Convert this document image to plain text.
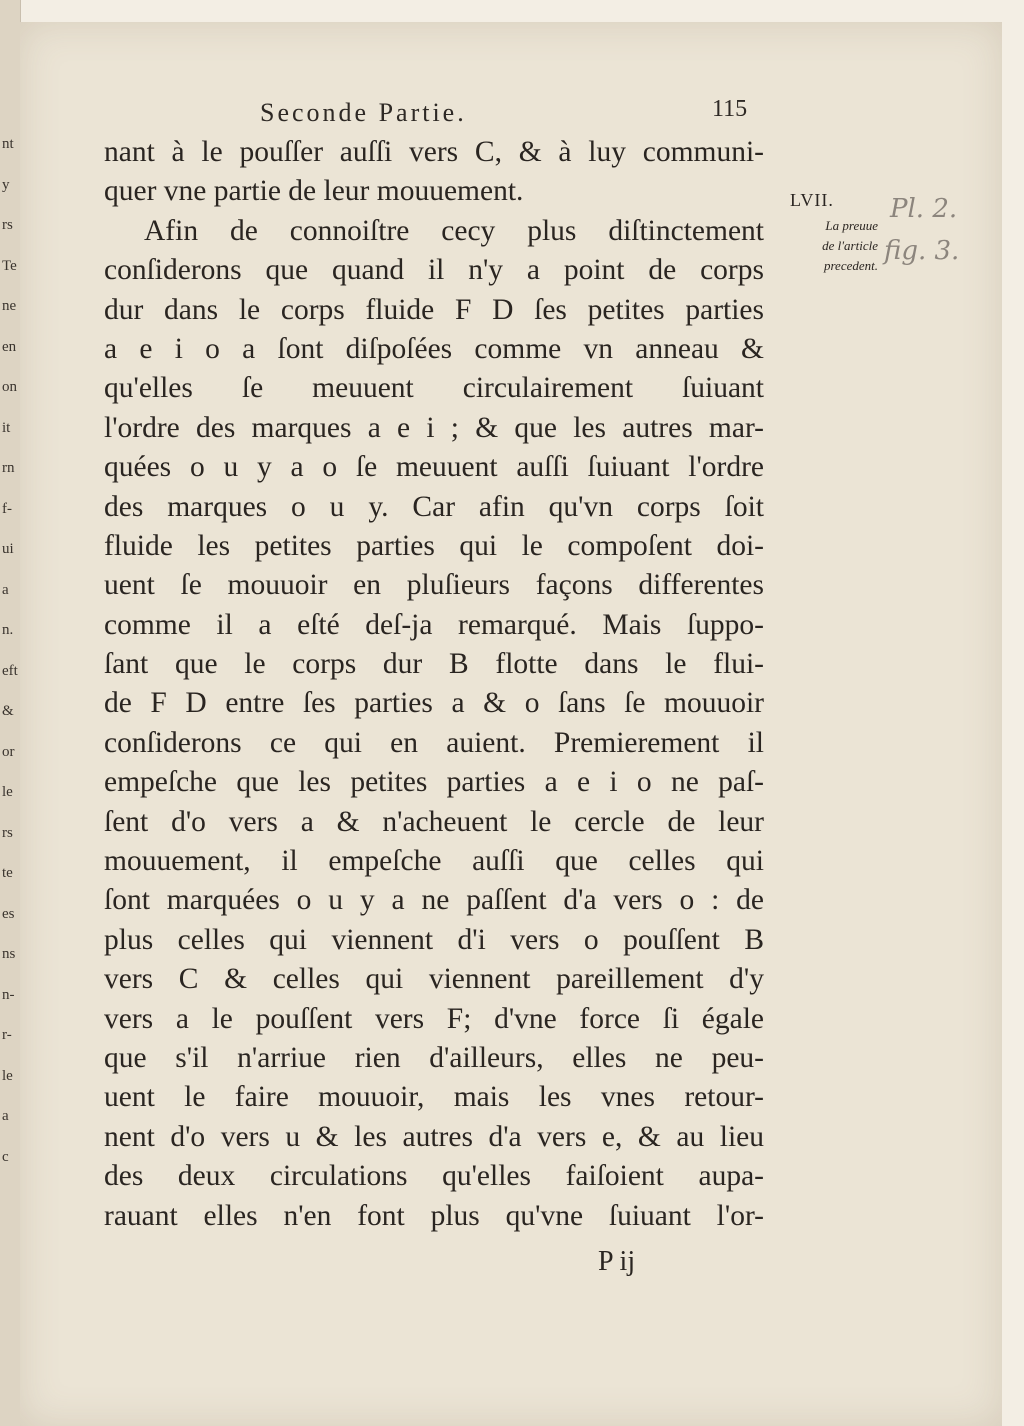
nt
y
rs
Te
ne
en
on
it
rn
f-
ui
a
n.
eft
&
or
le
rs
te
es
ns
n-
r-
le
a
c
Seconde Partie.	115
LVII.
La preuue
de l'article
precedent.
Pl. 2.
fig. 3.
nant à le pouſſer auſſi vers C, & à luy communi-
quer vne partie de leur mouuement.
Afin de connoiſtre cecy plus diſtinctement
conſiderons que quand il n'y a point de corps
dur dans le corps fluide F D ſes petites parties
a e i o a ſont diſpoſées comme vn anneau &
qu'elles ſe meuuent circulairement ſuiuant
l'ordre des marques a e i ; & que les autres mar-
quées o u y a o ſe meuuent auſſi ſuiuant l'ordre
des marques o u y. Car afin qu'vn corps ſoit
fluide les petites parties qui le compoſent doi-
uent ſe mouuoir en pluſieurs façons differentes
comme il a eſté deſ-ja remarqué. Mais ſuppo-
ſant que le corps dur B flotte dans le flui-
de F D entre ſes parties a & o ſans ſe mouuoir
conſiderons ce qui en auient. Premierement il
empeſche que les petites parties a e i o ne paſ-
ſent d'o vers a & n'acheuent le cercle de leur
mouuement, il empeſche auſſi que celles qui
ſont marquées o u y a ne paſſent d'a vers o : de
plus celles qui viennent d'i vers o pouſſent B
vers C & celles qui viennent pareillement d'y
vers a le pouſſent vers F; d'vne force ſi égale
que s'il n'arriue rien d'ailleurs, elles ne peu-
uent le faire mouuoir, mais les vnes retour-
nent d'o vers u & les autres d'a vers e, & au lieu
des deux circulations qu'elles faiſoient aupa-
rauant elles n'en font plus qu'vne ſuiuant l'or-
P ij
